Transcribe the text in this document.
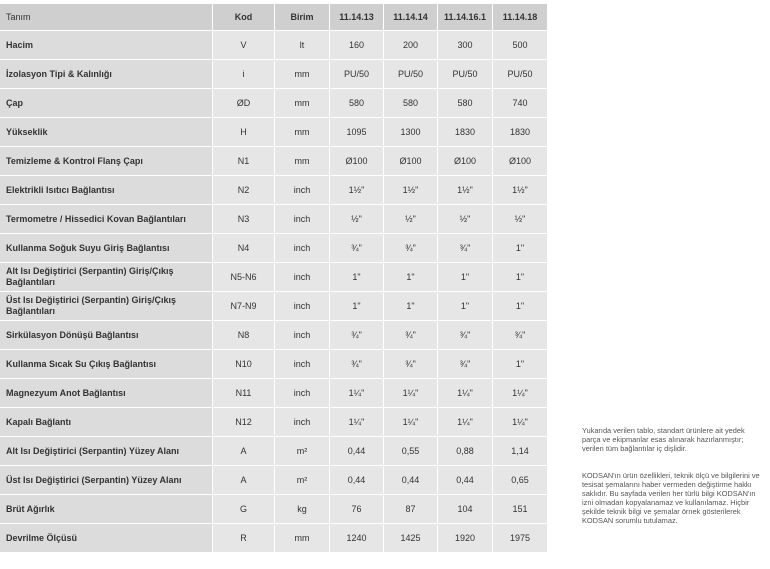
Tanım	Kod	Birim	11.14.13	11.14.14	11.14.16.1	11.14.18
Hacim	V	lt	160	200	300	500
İzolasyon Tipi & Kalınlığı	i	mm	PU/50	PU/50	PU/50	PU/50
Çap	ØD	mm	580	580	580	740
Yükseklik	H	mm	1095	1300	1830	1830
Temizleme & Kontrol Flanş Çapı	N1	mm	Ø100	Ø100	Ø100	Ø100
Elektrikli Isıtıcı Bağlantısı	N2	inch	1½"	1½"	1½"	1½"
Termometre / Hissedici Kovan Bağlantıları	N3	inch	½"	½"	½"	½"
Kullanma Soğuk Suyu Giriş Bağlantısı	N4	inch	¾"	¾"	¾"	1"
Alt Isı Değiştirici (Serpantin) Giriş/Çıkış Bağlantıları	N5-N6	inch	1"	1"	1"	1"
Üst Isı Değiştirici (Serpantin) Giriş/Çıkış Bağlantıları	N7-N9	inch	1"	1"	1"	1"
Sirkülasyon Dönüşü Bağlantısı	N8	inch	¾"	¾"	¾"	¾"
Kullanma Sıcak Su Çıkış Bağlantısı	N10	inch	¾"	¾"	¾"	1"
Magnezyum Anot Bağlantısı	N11	inch	1¼"	1¼"	1¼"	1¼"
Kapalı Bağlantı	N12	inch	1¼"	1¼"	1¼"	1¼"
Alt Isı Değiştirici (Serpantin) Yüzey Alanı	A	m²	0,44	0,55	0,88	1,14
Üst Isı Değiştirici (Serpantin) Yüzey Alanı	A	m²	0,44	0,44	0,44	0,65
Brüt Ağırlık	G	kg	76	87	104	151
Devrilme Ölçüsü	R	mm	1240	1425	1920	1975
Yukarıda verilen tablo, standart ürünlere ait yedek parça ve ekipmanlar esas alınarak hazırlanmıştır; verilen tüm bağlantılar iç dişlidir.
KODSAN'ın ürün özellikleri, teknik ölçü ve bilgilerini ve tesisat şemalarını haber vermeden değiştirme hakkı saklıdır. Bu sayfada verilen her türlü bilgi KODSAN'ın izni olmadan kopyalanamaz ve kullanılamaz. Hiçbir şekilde teknik bilgi ve şemalar örnek gösterilerek KODSAN sorumlu tutulamaz.
